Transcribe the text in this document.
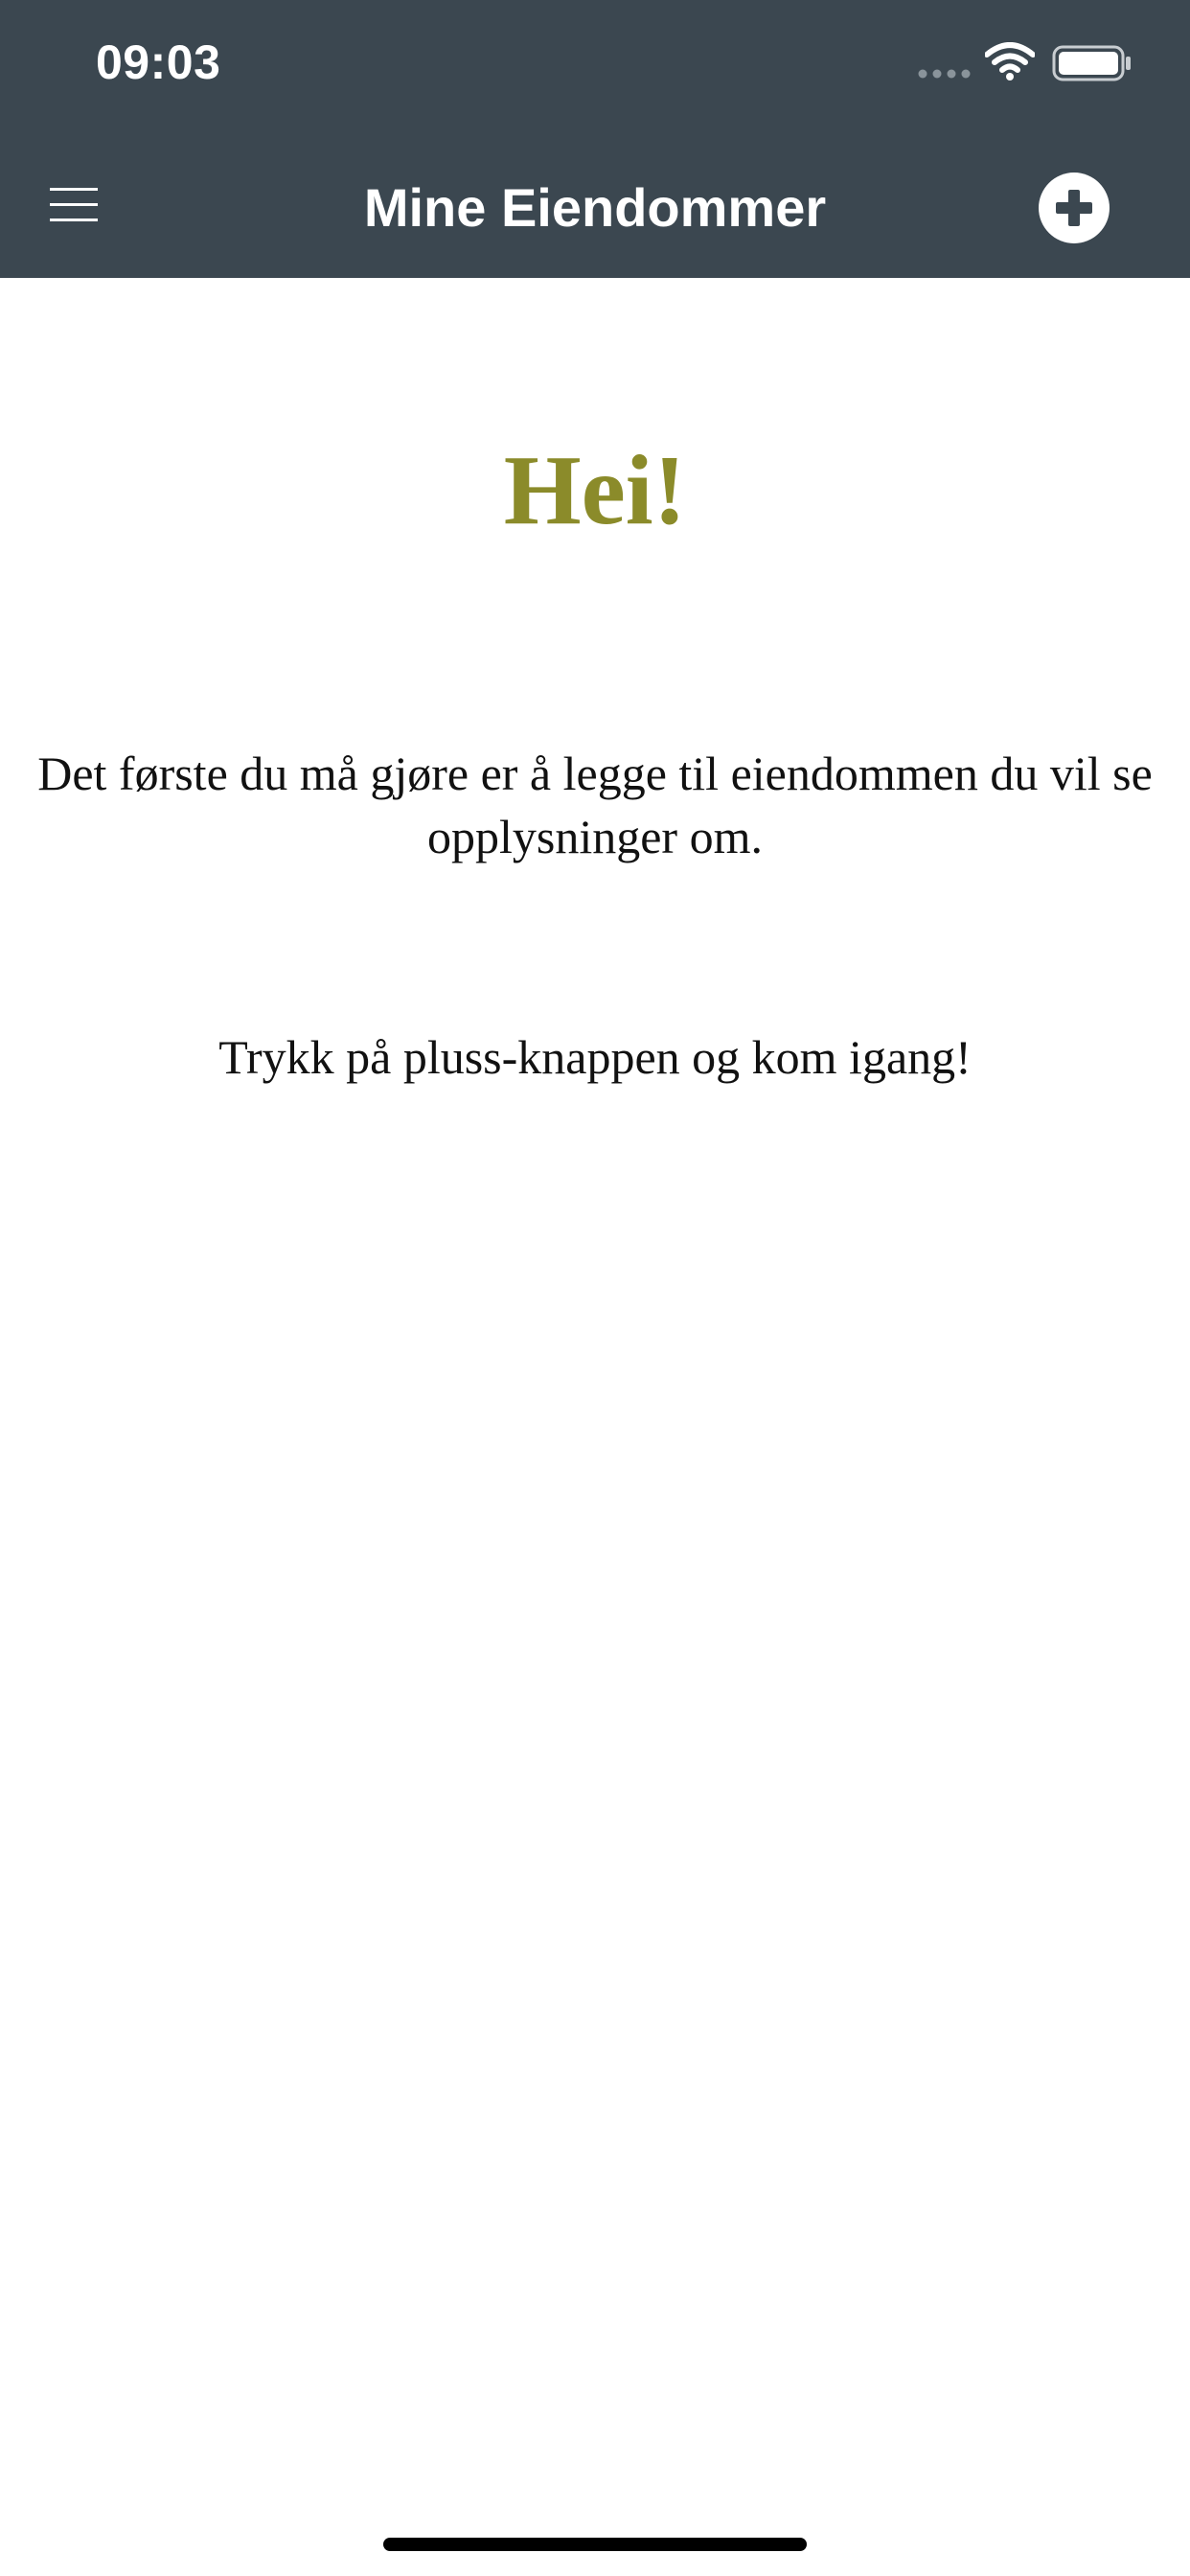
09:03
Mine Eiendommer
Hei!
Det første du må gjøre er å legge til eiendommen du vil se opplysninger om.
Trykk på pluss-knappen og kom igang!
